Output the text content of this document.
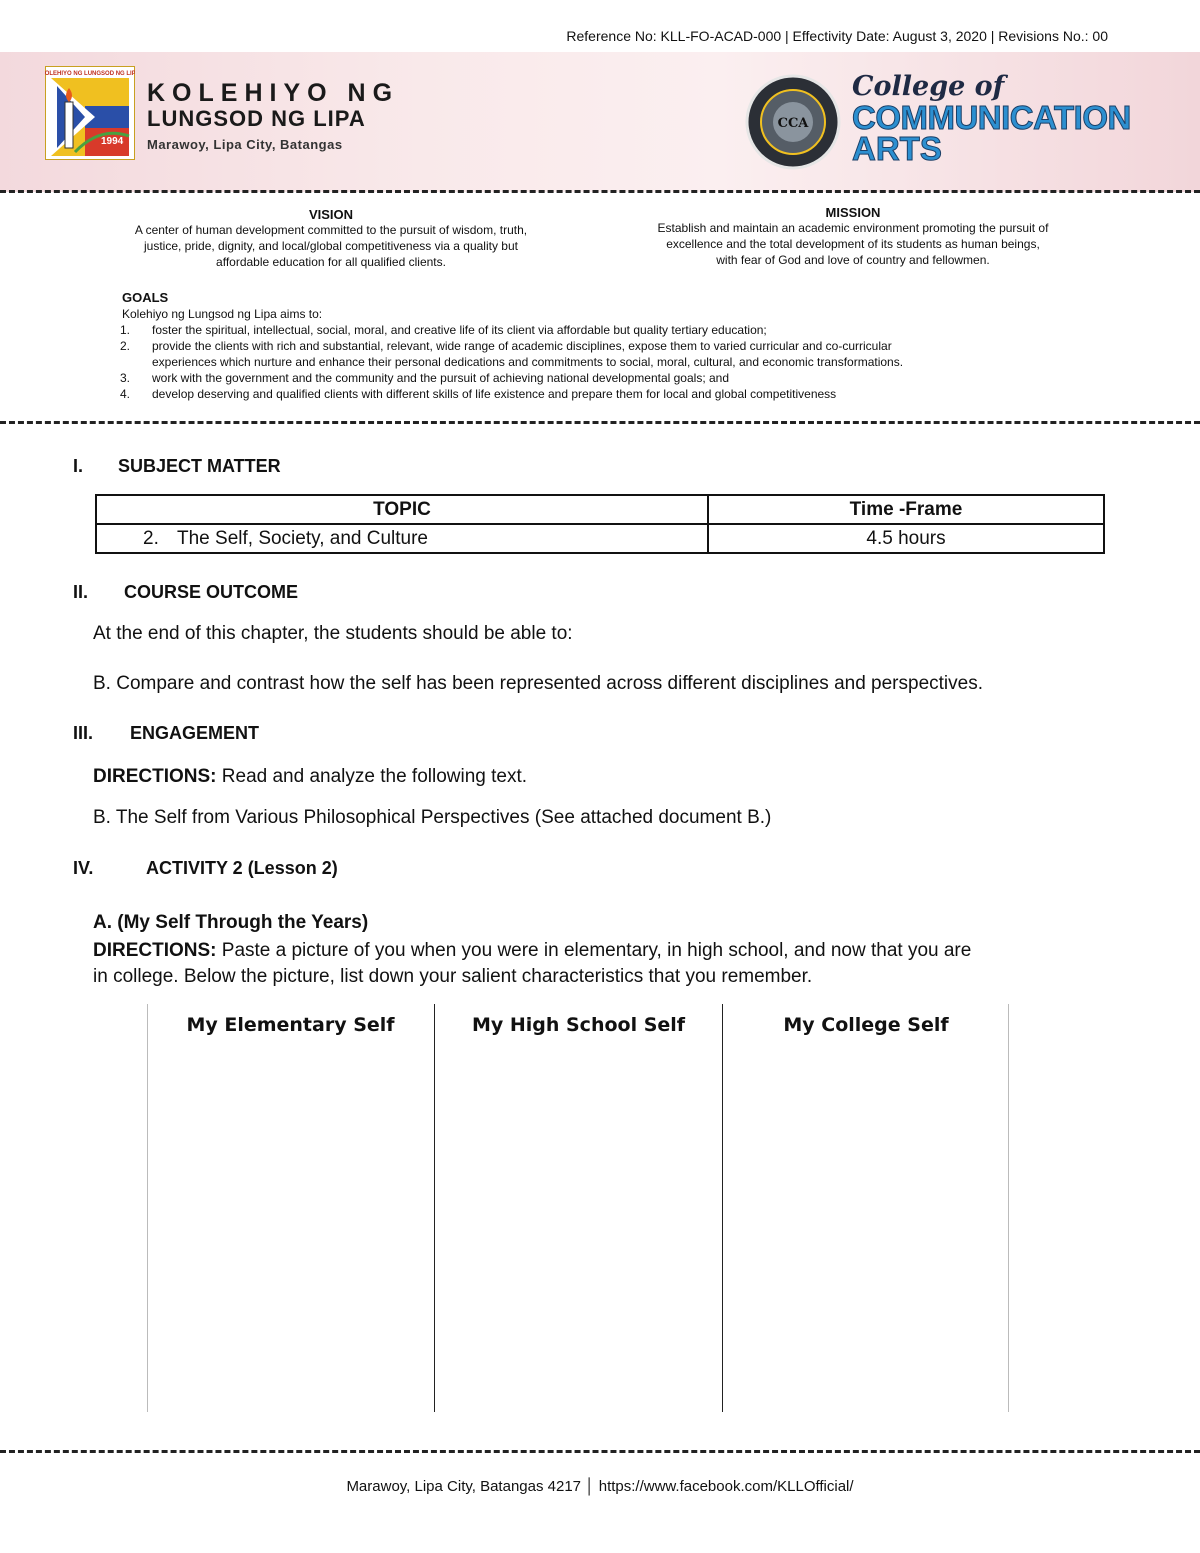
Reference No: KLL-FO-ACAD-000 | Effectivity Date: August 3, 2020 | Revisions No.: 00
KOLEHIYO NG LUNGSOD NG LIPA
1994
KOLEHIYO NG
LUNGSOD NG LIPA
Marawoy, Lipa City, Batangas
CCA
College of
COMMUNICATION
ARTS
VISION
A center of human development committed to the pursuit of wisdom, truth,
justice, pride, dignity, and local/global competitiveness via a quality but
affordable education for all qualified clients.
MISSION
Establish and maintain an academic environment promoting the pursuit of
excellence and the total development of its students as human beings,
with fear of God and love of country and fellowmen.
GOALS
Kolehiyo ng Lungsod ng Lipa aims to:
1.	foster the spiritual, intellectual, social, moral, and creative life of its client via affordable but quality tertiary education;
2.	provide the clients with rich and substantial, relevant, wide range of academic disciplines, expose them to varied curricular and co-curricular
experiences which nurture and enhance their personal dedications and commitments to social, moral, cultural, and economic transformations.
3.	work with the government and the community and the pursuit of achieving national developmental goals; and
4.	develop deserving and qualified clients with different skills of life existence and prepare them for local and global competitiveness
I. SUBJECT MATTER
TOPIC	Time -Frame
2. The Self, Society, and Culture	4.5 hours
II. COURSE OUTCOME
At the end of this chapter, the students should be able to:
B. Compare and contrast how the self has been represented across different disciplines and perspectives.
III. ENGAGEMENT
DIRECTIONS: Read and analyze the following text.
B. The Self from Various Philosophical Perspectives (See attached document B.)
IV.	ACTIVITY 2 (Lesson 2)
A. (My Self Through the Years)
DIRECTIONS: Paste a picture of you when you were in elementary, in high school, and now that you are
in college. Below the picture, list down your salient characteristics that you remember.
My Elementary Self	My High School Self	My College Self
Marawoy, Lipa City, Batangas 4217 │ https://www.facebook.com/KLLOfficial/
